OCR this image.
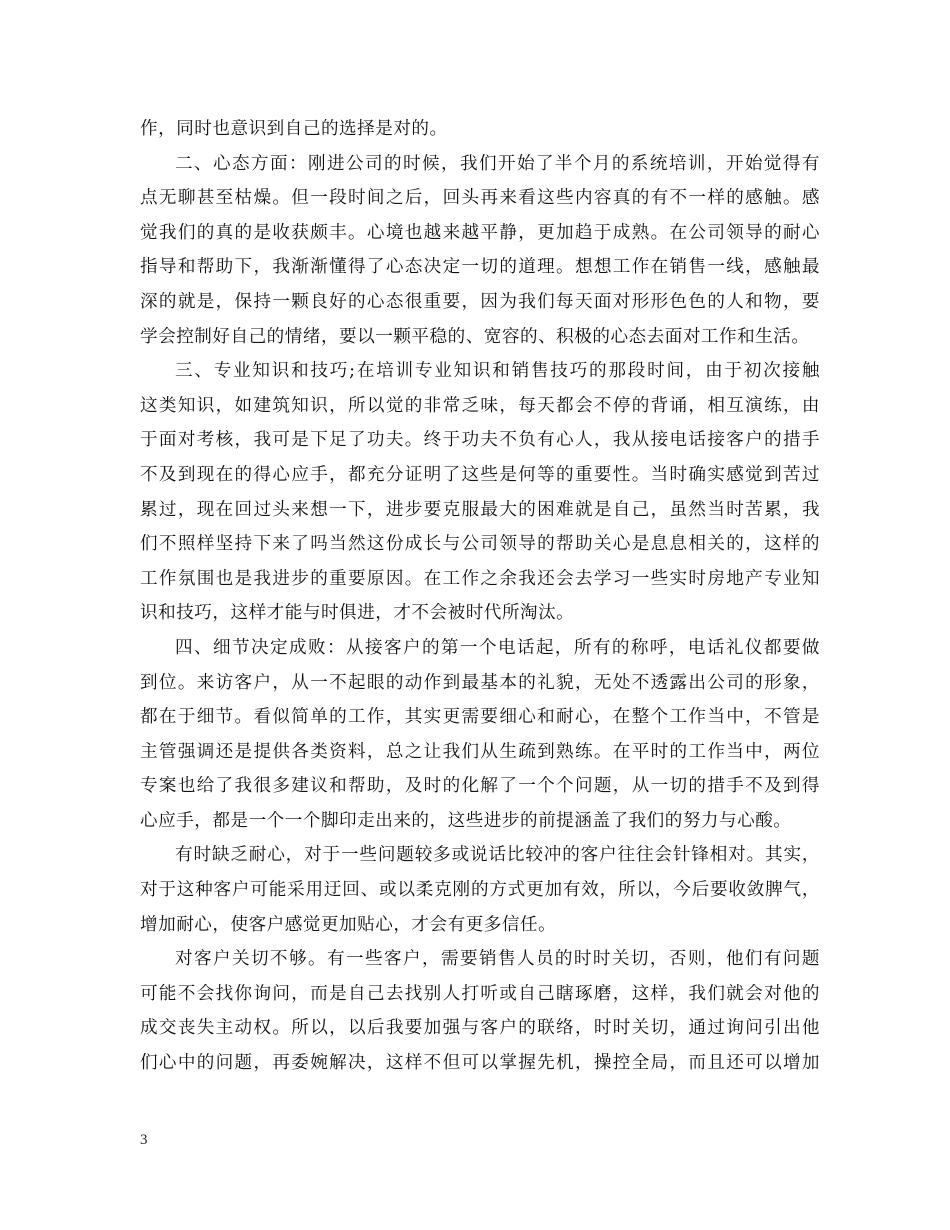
作，同时也意识到自己的选择是对的。
二、心态方面：刚进公司的时候，我们开始了半个月的系统培训，开始觉得有
点无聊甚至枯燥。但一段时间之后，回头再来看这些内容真的有不一样的感触。感
觉我们的真的是收获颇丰。心境也越来越平静，更加趋于成熟。在公司领导的耐心
指导和帮助下，我渐渐懂得了心态决定一切的道理。想想工作在销售一线，感触最
深的就是，保持一颗良好的心态很重要，因为我们每天面对形形色色的人和物，要
学会控制好自己的情绪，要以一颗平稳的、宽容的、积极的心态去面对工作和生活。
三、专业知识和技巧;在培训专业知识和销售技巧的那段时间，由于初次接触
这类知识，如建筑知识，所以觉的非常乏味，每天都会不停的背诵，相互演练，由
于面对考核，我可是下足了功夫。终于功夫不负有心人，我从接电话接客户的措手
不及到现在的得心应手，都充分证明了这些是何等的重要性。当时确实感觉到苦过
累过，现在回过头来想一下，进步要克服最大的困难就是自己，虽然当时苦累，我
们不照样坚持下来了吗当然这份成长与公司领导的帮助关心是息息相关的，这样的
工作氛围也是我进步的重要原因。在工作之余我还会去学习一些实时房地产专业知
识和技巧，这样才能与时俱进，才不会被时代所淘汰。
四、细节决定成败：从接客户的第一个电话起，所有的称呼，电话礼仪都要做
到位。来访客户，从一不起眼的动作到最基本的礼貌，无处不透露出公司的形象，
都在于细节。看似简单的工作，其实更需要细心和耐心，在整个工作当中，不管是
主管强调还是提供各类资料，总之让我们从生疏到熟练。在平时的工作当中，两位
专案也给了我很多建议和帮助，及时的化解了一个个问题，从一切的措手不及到得
心应手，都是一个一个脚印走出来的，这些进步的前提涵盖了我们的努力与心酸。
有时缺乏耐心，对于一些问题较多或说话比较冲的客户往往会针锋相对。其实，
对于这种客户可能采用迂回、或以柔克刚的方式更加有效，所以，今后要收敛脾气，
增加耐心，使客户感觉更加贴心，才会有更多信任。
对客户关切不够。有一些客户，需要销售人员的时时关切，否则，他们有问题
可能不会找你询问，而是自己去找别人打听或自己瞎琢磨，这样，我们就会对他的
成交丧失主动权。所以，以后我要加强与客户的联络，时时关切，通过询问引出他
们心中的问题，再委婉解决，这样不但可以掌握先机，操控全局，而且还可以增加
3
